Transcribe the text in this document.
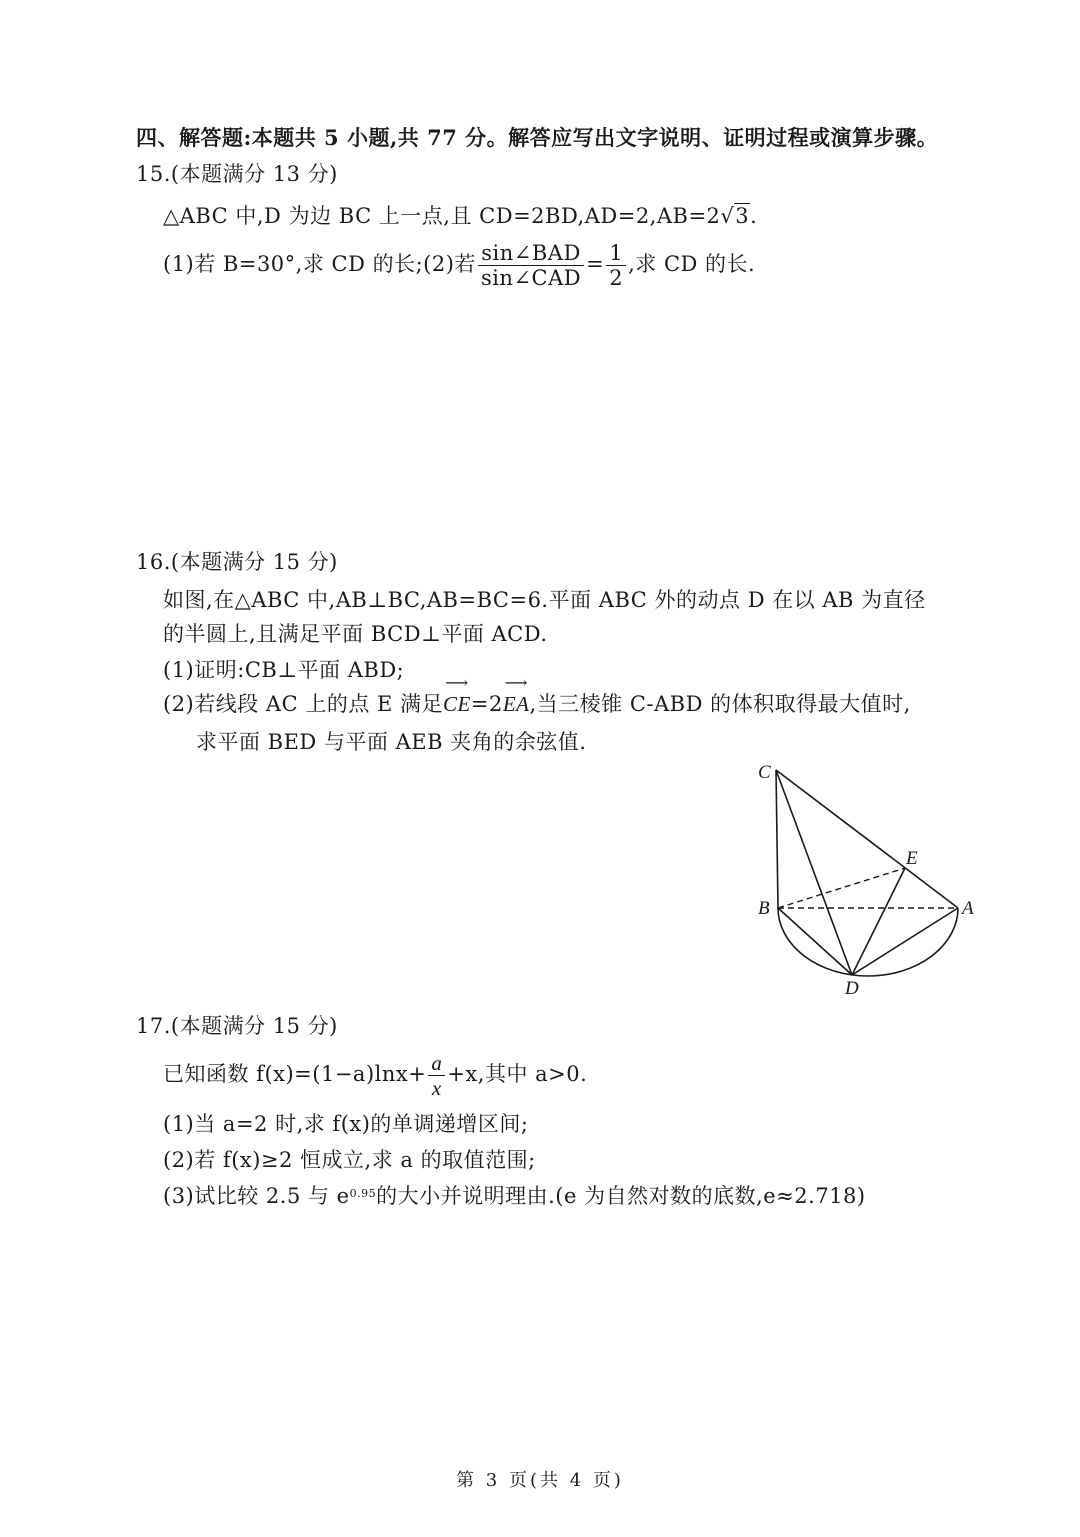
四、解答题:本题共 5 小题,共 77 分。解答应写出文字说明、证明过程或演算步骤。
15.(本题满分 13 分)
△ABC 中,D 为边 BC 上一点,且 CD=2BD,AD=2,AB=2√3.
(1)若 B=30°,求 CD 的长;(2)若 $\frac{\text{sin∠BAD}}{\text{sin∠CAD}} = \frac{1}{2}$ ,求 CD 的长.
16.(本题满分 15 分)
如图,在△ABC 中,AB⊥BC,AB=BC=6.平面 ABC 外的动点 D 在以 AB 为直径
的半圆上,且满足平面 BCD⊥平面 ACD.
(1)证明:CB⊥平面 ABD;
(2)若线段 AC 上的点 E 满足
⟶
CE=2
⟶
EA,当三棱锥 C-ABD 的体积取得最大值时,
求平面 BED 与平面 AEB 夹角的余弦值.
C
E
B	A
D
17.(本题满分 15 分)
已知函数 $f(x)=(1-a)\ln x+ \frac{a}{x} +x$,其中 a>0.
(1)当 a=2 时,求 f(x)的单调递增区间;
(2)若 f(x)≥2 恒成立,求 a 的取值范围;
(3)试比较 2.5 与 $e^{0.95}$的大小并说明理由.(e 为自然对数的底数,e≈2.718)
第 3 页(共 4 页)
